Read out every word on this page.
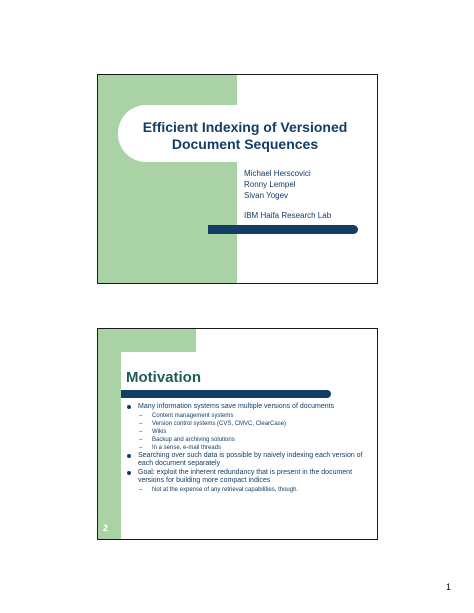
Efficient Indexing of Versioned
Document Sequences
Michael Herscovici
Ronny Lempel
Sivan Yogev
IBM Haifa Research Lab
Motivation
Many information systems save multiple versions of documents
– Content management systems
– Version control systems (CVS, CMVC, ClearCase)
– Wikis
– Backup and archiving solutions
– In a sense, e-mail threads
Searching over such data is possible by naively indexing each version of each document separately
Goal: exploit the inherent redundancy that is present in the document versions for building more compact indices
– Not at the expense of any retrieval capabilities, though.
2
1
